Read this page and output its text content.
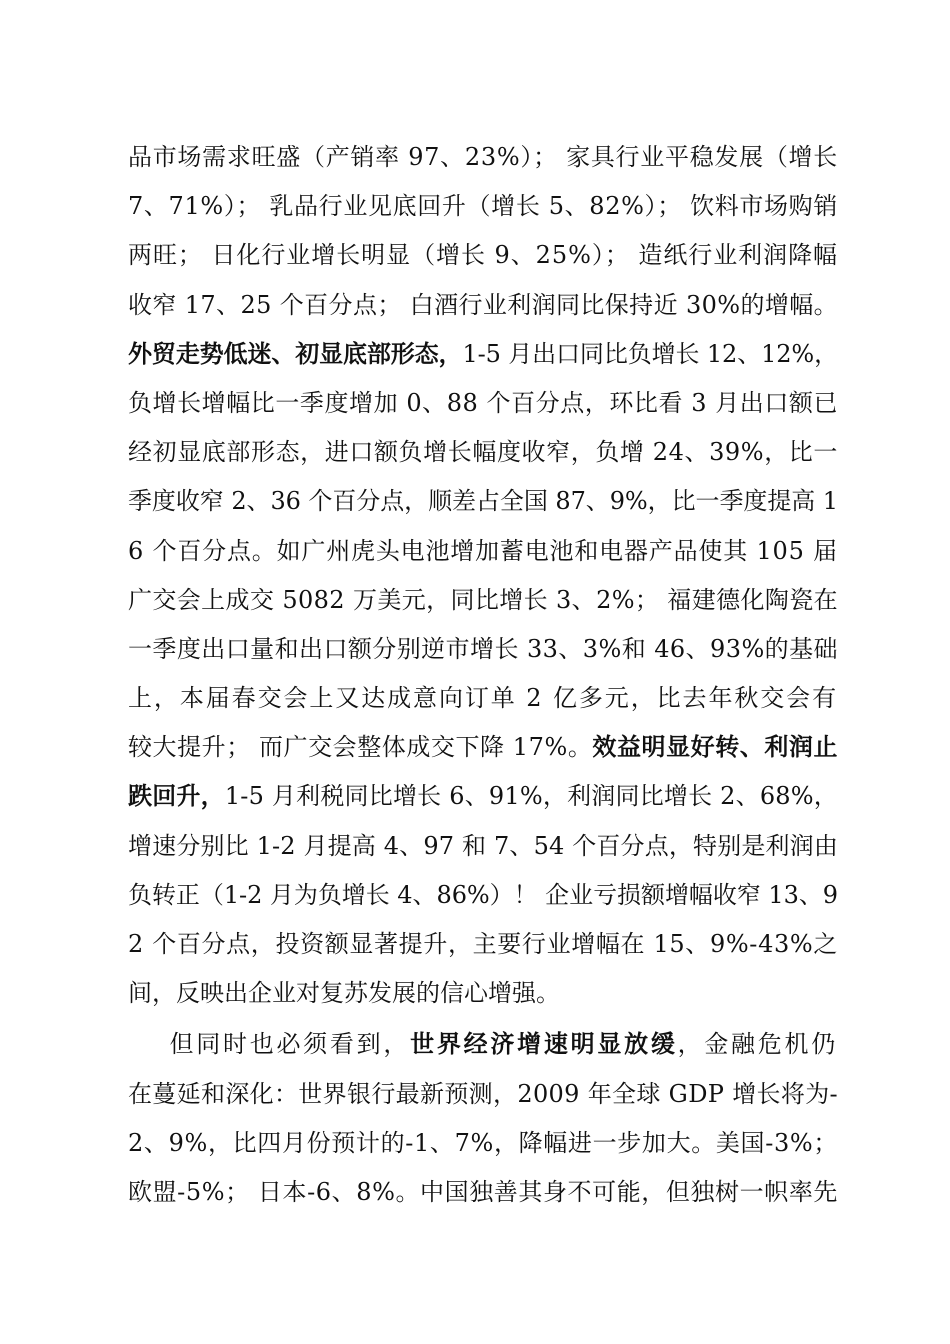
品市场需求旺盛（产销率 97、23%）； 家具行业平稳发展（增长
7、71%）； 乳品行业见底回升（增长 5、82%）； 饮料市场购销
两旺； 日化行业增长明显（增长 9、25%）； 造纸行业利润降幅
收窄 17、25 个百分点； 白酒行业利润同比保持近 30%的增幅。
外贸走势低迷、初显底部形态，1-5 月出口同比负增长 12、12%，
负增长增幅比一季度增加 0、88 个百分点，环比看 3 月出口额已
经初显底部形态，进口额负增长幅度收窄，负增 24、39%，比一
季度收窄 2、36 个百分点，顺差占全国 87、9%，比一季度提高 1
6 个百分点。如广州虎头电池增加蓄电池和电器产品使其 105 届
广交会上成交 5082 万美元，同比增长 3、2%； 福建德化陶瓷在
一季度出口量和出口额分别逆市增长 33、3%和 46、93%的基础
上，本届春交会上又达成意向订单 2 亿多元，比去年秋交会有
较大提升； 而广交会整体成交下降 17%。效益明显好转、利润止
跌回升，1-5 月利税同比增长 6、91%，利润同比增长 2、68%，
增速分别比 1-2 月提高 4、97 和 7、54 个百分点，特别是利润由
负转正（1-2 月为负增长 4、86%）！ 企业亏损额增幅收窄 13、9
2 个百分点，投资额显著提升，主要行业增幅在 15、9%-43%之
间，反映出企业对复苏发展的信心增强。
但同时也必须看到，世界经济增速明显放缓，金融危机仍
在蔓延和深化：世界银行最新预测，2009 年全球 GDP 增长将为-
2、9%，比四月份预计的-1、7%，降幅进一步加大。美国-3%；
欧盟-5%； 日本-6、8%。中国独善其身不可能，但独树一帜率先
